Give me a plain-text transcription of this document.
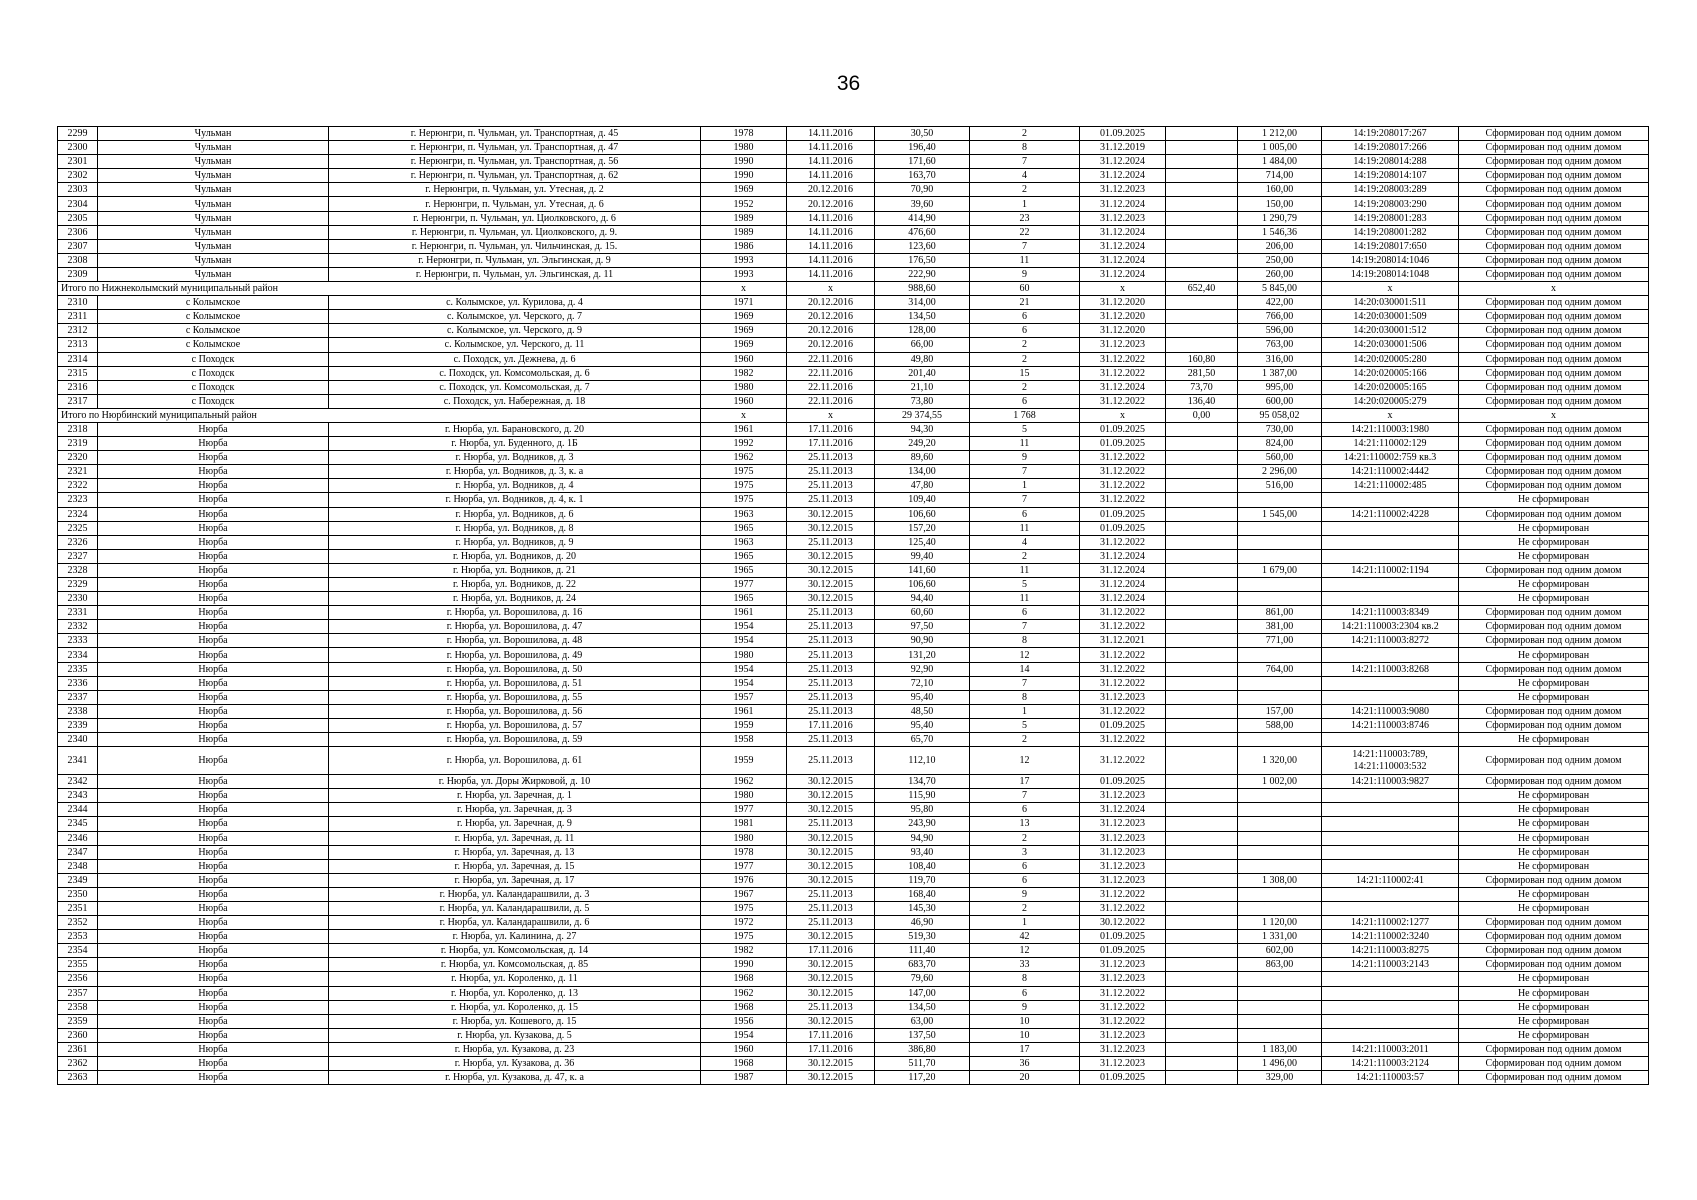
36
2299	Чульман	г. Нерюнгри, п. Чульман, ул. Транспортная, д. 45	1978	14.11.2016	30,50	2	01.09.2025		1 212,00	14:19:208017:267	Сформирован под одним домом
2300	Чульман	г. Нерюнгри, п. Чульман, ул. Транспортная, д. 47	1980	14.11.2016	196,40	8	31.12.2019		1 005,00	14:19:208017:266	Сформирован под одним домом
2301	Чульман	г. Нерюнгри, п. Чульман, ул. Транспортная, д. 56	1990	14.11.2016	171,60	7	31.12.2024		1 484,00	14:19:208014:288	Сформирован под одним домом
2302	Чульман	г. Нерюнгри, п. Чульман, ул. Транспортная, д. 62	1990	14.11.2016	163,70	4	31.12.2024		714,00	14:19:208014:107	Сформирован под одним домом
2303	Чульман	г. Нерюнгри, п. Чульман, ул. Утесная, д. 2	1969	20.12.2016	70,90	2	31.12.2023		160,00	14:19:208003:289	Сформирован под одним домом
2304	Чульман	г. Нерюнгри, п. Чульман, ул. Утесная, д. 6	1952	20.12.2016	39,60	1	31.12.2024		150,00	14:19:208003:290	Сформирован под одним домом
2305	Чульман	г. Нерюнгри, п. Чульман, ул. Циолковского, д. 6	1989	14.11.2016	414,90	23	31.12.2023		1 290,79	14:19:208001:283	Сформирован под одним домом
2306	Чульман	г. Нерюнгри, п. Чульман, ул. Циолковского, д. 9.	1989	14.11.2016	476,60	22	31.12.2024		1 546,36	14:19:208001:282	Сформирован под одним домом
2307	Чульман	г. Нерюнгри, п. Чульман, ул. Чильчинская, д. 15.	1986	14.11.2016	123,60	7	31.12.2024		206,00	14:19:208017:650	Сформирован под одним домом
2308	Чульман	г. Нерюнгри, п. Чульман, ул. Эльгинская, д. 9	1993	14.11.2016	176,50	11	31.12.2024		250,00	14:19:208014:1046	Сформирован под одним домом
2309	Чульман	г. Нерюнгри, п. Чульман, ул. Эльгинская, д. 11	1993	14.11.2016	222,90	9	31.12.2024		260,00	14:19:208014:1048	Сформирован под одним домом
Итого по Нижнеколымский муниципальный район			x	x	988,60	60	x	652,40	5 845,00	x	x
2310	с Колымское	с. Колымское, ул. Курилова, д. 4	1971	20.12.2016	314,00	21	31.12.2020		422,00	14:20:030001:511	Сформирован под одним домом
2311	с Колымское	с. Колымское, ул. Черского, д. 7	1969	20.12.2016	134,50	6	31.12.2020		766,00	14:20:030001:509	Сформирован под одним домом
2312	с Колымское	с. Колымское, ул. Черского, д. 9	1969	20.12.2016	128,00	6	31.12.2020		596,00	14:20:030001:512	Сформирован под одним домом
2313	с Колымское	с. Колымское, ул. Черского, д. 11	1969	20.12.2016	66,00	2	31.12.2023		763,00	14:20:030001:506	Сформирован под одним домом
2314	с Походск	с. Походск, ул. Дежнева, д. 6	1960	22.11.2016	49,80	2	31.12.2022	160,80	316,00	14:20:020005:280	Сформирован под одним домом
2315	с Походск	с. Походск, ул. Комсомольская, д. 6	1982	22.11.2016	201,40	15	31.12.2022	281,50	1 387,00	14:20:020005:166	Сформирован под одним домом
2316	с Походск	с. Походск, ул. Комсомольская, д. 7	1980	22.11.2016	21,10	2	31.12.2024	73,70	995,00	14:20:020005:165	Сформирован под одним домом
2317	с Походск	с. Походск, ул. Набережная, д. 18	1960	22.11.2016	73,80	6	31.12.2022	136,40	600,00	14:20:020005:279	Сформирован под одним домом
Итого по Нюрбинский муниципальный район			x	x	29 374,55	1 768	x	0,00	95 058,02	x	x
2318	Нюрба	г. Нюрба, ул. Барановского, д. 20	1961	17.11.2016	94,30	5	01.09.2025		730,00	14:21:110003:1980	Сформирован под одним домом
2319	Нюрба	г. Нюрба, ул. Буденного, д. 1Б	1992	17.11.2016	249,20	11	01.09.2025		824,00	14:21:110002:129	Сформирован под одним домом
2320	Нюрба	г. Нюрба, ул. Водников, д. 3	1962	25.11.2013	89,60	9	31.12.2022		560,00	14:21:110002:759 кв.3	Сформирован под одним домом
2321	Нюрба	г. Нюрба, ул. Водников, д. 3, к. а	1975	25.11.2013	134,00	7	31.12.2022		2 296,00	14:21:110002:4442	Сформирован под одним домом
2322	Нюрба	г. Нюрба, ул. Водников, д. 4	1975	25.11.2013	47,80	1	31.12.2022		516,00	14:21:110002:485	Сформирован под одним домом
2323	Нюрба	г. Нюрба, ул. Водников, д. 4, к. 1	1975	25.11.2013	109,40	7	31.12.2022				Не сформирован
2324	Нюрба	г. Нюрба, ул. Водников, д. 6	1963	30.12.2015	106,60	6	01.09.2025		1 545,00	14:21:110002:4228	Сформирован под одним домом
2325	Нюрба	г. Нюрба, ул. Водников, д. 8	1965	30.12.2015	157,20	11	01.09.2025				Не сформирован
2326	Нюрба	г. Нюрба, ул. Водников, д. 9	1963	25.11.2013	125,40	4	31.12.2022				Не сформирован
2327	Нюрба	г. Нюрба, ул. Водников, д. 20	1965	30.12.2015	99,40	2	31.12.2024				Не сформирован
2328	Нюрба	г. Нюрба, ул. Водников, д. 21	1965	30.12.2015	141,60	11	31.12.2024		1 679,00	14:21:110002:1194	Сформирован под одним домом
2329	Нюрба	г. Нюрба, ул. Водников, д. 22	1977	30.12.2015	106,60	5	31.12.2024				Не сформирован
2330	Нюрба	г. Нюрба, ул. Водников, д. 24	1965	30.12.2015	94,40	11	31.12.2024				Не сформирован
2331	Нюрба	г. Нюрба, ул. Ворошилова, д. 16	1961	25.11.2013	60,60	6	31.12.2022		861,00	14:21:110003:8349	Сформирован под одним домом
2332	Нюрба	г. Нюрба, ул. Ворошилова, д. 47	1954	25.11.2013	97,50	7	31.12.2022		381,00	14:21:110003:2304 кв.2	Сформирован под одним домом
2333	Нюрба	г. Нюрба, ул. Ворошилова, д. 48	1954	25.11.2013	90,90	8	31.12.2021		771,00	14:21:110003:8272	Сформирован под одним домом
2334	Нюрба	г. Нюрба, ул. Ворошилова, д. 49	1980	25.11.2013	131,20	12	31.12.2022				Не сформирован
2335	Нюрба	г. Нюрба, ул. Ворошилова, д. 50	1954	25.11.2013	92,90	14	31.12.2022		764,00	14:21:110003:8268	Сформирован под одним домом
2336	Нюрба	г. Нюрба, ул. Ворошилова, д. 51	1954	25.11.2013	72,10	7	31.12.2022				Не сформирован
2337	Нюрба	г. Нюрба, ул. Ворошилова, д. 55	1957	25.11.2013	95,40	8	31.12.2023				Не сформирован
2338	Нюрба	г. Нюрба, ул. Ворошилова, д. 56	1961	25.11.2013	48,50	1	31.12.2022		157,00	14:21:110003:9080	Сформирован под одним домом
2339	Нюрба	г. Нюрба, ул. Ворошилова, д. 57	1959	17.11.2016	95,40	5	01.09.2025		588,00	14:21:110003:8746	Сформирован под одним домом
2340	Нюрба	г. Нюрба, ул. Ворошилова, д. 59	1958	25.11.2013	65,70	2	31.12.2022				Не сформирован
2341	Нюрба	г. Нюрба, ул. Ворошилова, д. 61	1959	25.11.2013	112,10	12	31.12.2022		1 320,00	14:21:110003:789, 14:21:110003:532	Сформирован под одним домом
2342	Нюрба	г. Нюрба, ул. Доры Жирковой, д. 10	1962	30.12.2015	134,70	17	01.09.2025		1 002,00	14:21:110003:9827	Сформирован под одним домом
2343	Нюрба	г. Нюрба, ул. Заречная, д. 1	1980	30.12.2015	115,90	7	31.12.2023				Не сформирован
2344	Нюрба	г. Нюрба, ул. Заречная, д. 3	1977	30.12.2015	95,80	6	31.12.2024				Не сформирован
2345	Нюрба	г. Нюрба, ул. Заречная, д. 9	1981	25.11.2013	243,90	13	31.12.2023				Не сформирован
2346	Нюрба	г. Нюрба, ул. Заречная, д. 11	1980	30.12.2015	94,90	2	31.12.2023				Не сформирован
2347	Нюрба	г. Нюрба, ул. Заречная, д. 13	1978	30.12.2015	93,40	3	31.12.2023				Не сформирован
2348	Нюрба	г. Нюрба, ул. Заречная, д. 15	1977	30.12.2015	108,40	6	31.12.2023				Не сформирован
2349	Нюрба	г. Нюрба, ул. Заречная, д. 17	1976	30.12.2015	119,70	6	31.12.2023		1 308,00	14:21:110002:41	Сформирован под одним домом
2350	Нюрба	г. Нюрба, ул. Каландарашвили, д. 3	1967	25.11.2013	168,40	9	31.12.2022				Не сформирован
2351	Нюрба	г. Нюрба, ул. Каландарашвили, д. 5	1975	25.11.2013	145,30	2	31.12.2022				Не сформирован
2352	Нюрба	г. Нюрба, ул. Каландарашвили, д. 6	1972	25.11.2013	46,90	1	30.12.2022		1 120,00	14:21:110002:1277	Сформирован под одним домом
2353	Нюрба	г. Нюрба, ул. Калинина, д. 27	1975	30.12.2015	519,30	42	01.09.2025		1 331,00	14:21:110002:3240	Сформирован под одним домом
2354	Нюрба	г. Нюрба, ул. Комсомольская, д. 14	1982	17.11.2016	111,40	12	01.09.2025		602,00	14:21:110003:8275	Сформирован под одним домом
2355	Нюрба	г. Нюрба, ул. Комсомольская, д. 85	1990	30.12.2015	683,70	33	31.12.2023		863,00	14:21:110003:2143	Сформирован под одним домом
2356	Нюрба	г. Нюрба, ул. Короленко, д. 11	1968	30.12.2015	79,60	8	31.12.2023				Не сформирован
2357	Нюрба	г. Нюрба, ул. Короленко, д. 13	1962	30.12.2015	147,00	6	31.12.2022				Не сформирован
2358	Нюрба	г. Нюрба, ул. Короленко, д. 15	1968	25.11.2013	134,50	9	31.12.2022				Не сформирован
2359	Нюрба	г. Нюрба, ул. Кошевого, д. 15	1956	30.12.2015	63,00	10	31.12.2022				Не сформирован
2360	Нюрба	г. Нюрба, ул. Кузакова, д. 5	1954	17.11.2016	137,50	10	31.12.2023				Не сформирован
2361	Нюрба	г. Нюрба, ул. Кузакова, д. 23	1960	17.11.2016	386,80	17	31.12.2023		1 183,00	14:21:110003:2011	Сформирован под одним домом
2362	Нюрба	г. Нюрба, ул. Кузакова, д. 36	1968	30.12.2015	511,70	36	31.12.2023		1 496,00	14:21:110003:2124	Сформирован под одним домом
2363	Нюрба	г. Нюрба, ул. Кузакова, д. 47, к. а	1987	30.12.2015	117,20	20	01.09.2025		329,00	14:21:110003:57	Сформирован под одним домом
